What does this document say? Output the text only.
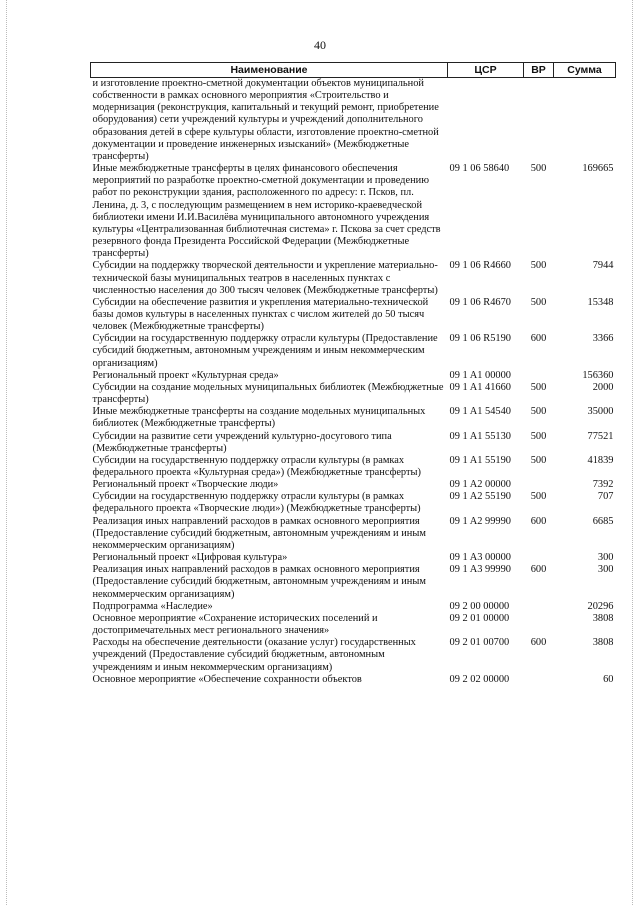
40
Наименование	ЦСР	ВР	Сумма
и изготовление проектно-сметной документации объектов муниципальной собственности в рамках основного мероприятия «Строительство и модернизация (реконструкция, капитальный и текущий ремонт, приобретение оборудования) сети учреждений культуры и учреждений дополнительного образования детей в сфере культуры области, изготовление проектно-сметной документации и проведение инженерных изысканий» (Межбюджетные трансферты)			
Иные межбюджетные трансферты в целях финансового обеспечения мероприятий по разработке проектно-сметной документации и проведению работ по реконструкции здания, расположенного по адресу: г. Псков, пл. Ленина, д. 3, с последующим размещением в нем историко-краеведческой библиотеки имени И.И.Василёва муниципального автономного учреждения культуры «Централизованная библиотечная система» г. Пскова за счет средств резервного фонда Президента Российской Федерации (Межбюджетные трансферты)	09 1 06 58640	500	169665
Субсидии на поддержку творческой деятельности и укрепление материально-технической базы муниципальных театров в населенных пунктах с численностью населения до 300 тысяч человек (Межбюджетные трансферты)	09 1 06 R4660	500	7944
Субсидии на обеспечение развития и укрепления материально-технической базы домов культуры в населенных пунктах с числом жителей до 50 тысяч человек (Межбюджетные трансферты)	09 1 06 R4670	500	15348
Субсидии на государственную поддержку отрасли культуры (Предоставление субсидий бюджетным, автономным учреждениям и иным некоммерческим организациям)	09 1 06 R5190	600	3366
Региональный проект «Культурная среда»	09 1 A1 00000		156360
Субсидии на создание модельных муниципальных библиотек (Межбюджетные трансферты)	09 1 A1 41660	500	2000
Иные межбюджетные трансферты на создание модельных муниципальных библиотек (Межбюджетные трансферты)	09 1 A1 54540	500	35000
Субсидии на развитие сети учреждений культурно-досугового типа (Межбюджетные трансферты)	09 1 A1 55130	500	77521
Субсидии на государственную поддержку отрасли культуры (в рамках федерального проекта «Культурная среда») (Межбюджетные трансферты)	09 1 A1 55190	500	41839
Региональный проект «Творческие люди»	09 1 A2 00000		7392
Субсидии на государственную поддержку отрасли культуры (в рамках федерального проекта «Творческие люди») (Межбюджетные трансферты)	09 1 A2 55190	500	707
Реализация иных направлений расходов в рамках основного мероприятия (Предоставление субсидий бюджетным, автономным учреждениям и иным некоммерческим организациям)	09 1 A2 99990	600	6685
Региональный проект «Цифровая культура»	09 1 A3 00000		300
Реализация иных направлений расходов в рамках основного мероприятия (Предоставление субсидий бюджетным, автономным учреждениям и иным некоммерческим организациям)	09 1 A3 99990	600	300
Подпрограмма «Наследие»	09 2 00 00000		20296
Основное мероприятие «Сохранение исторических поселений и достопримечательных мест регионального значения»	09 2 01 00000		3808
Расходы на обеспечение деятельности (оказание услуг) государственных учреждений (Предоставление субсидий бюджетным, автономным учреждениям и иным некоммерческим организациям)	09 2 01 00700	600	3808
Основное мероприятие «Обеспечение сохранности объектов	09 2 02 00000		60
